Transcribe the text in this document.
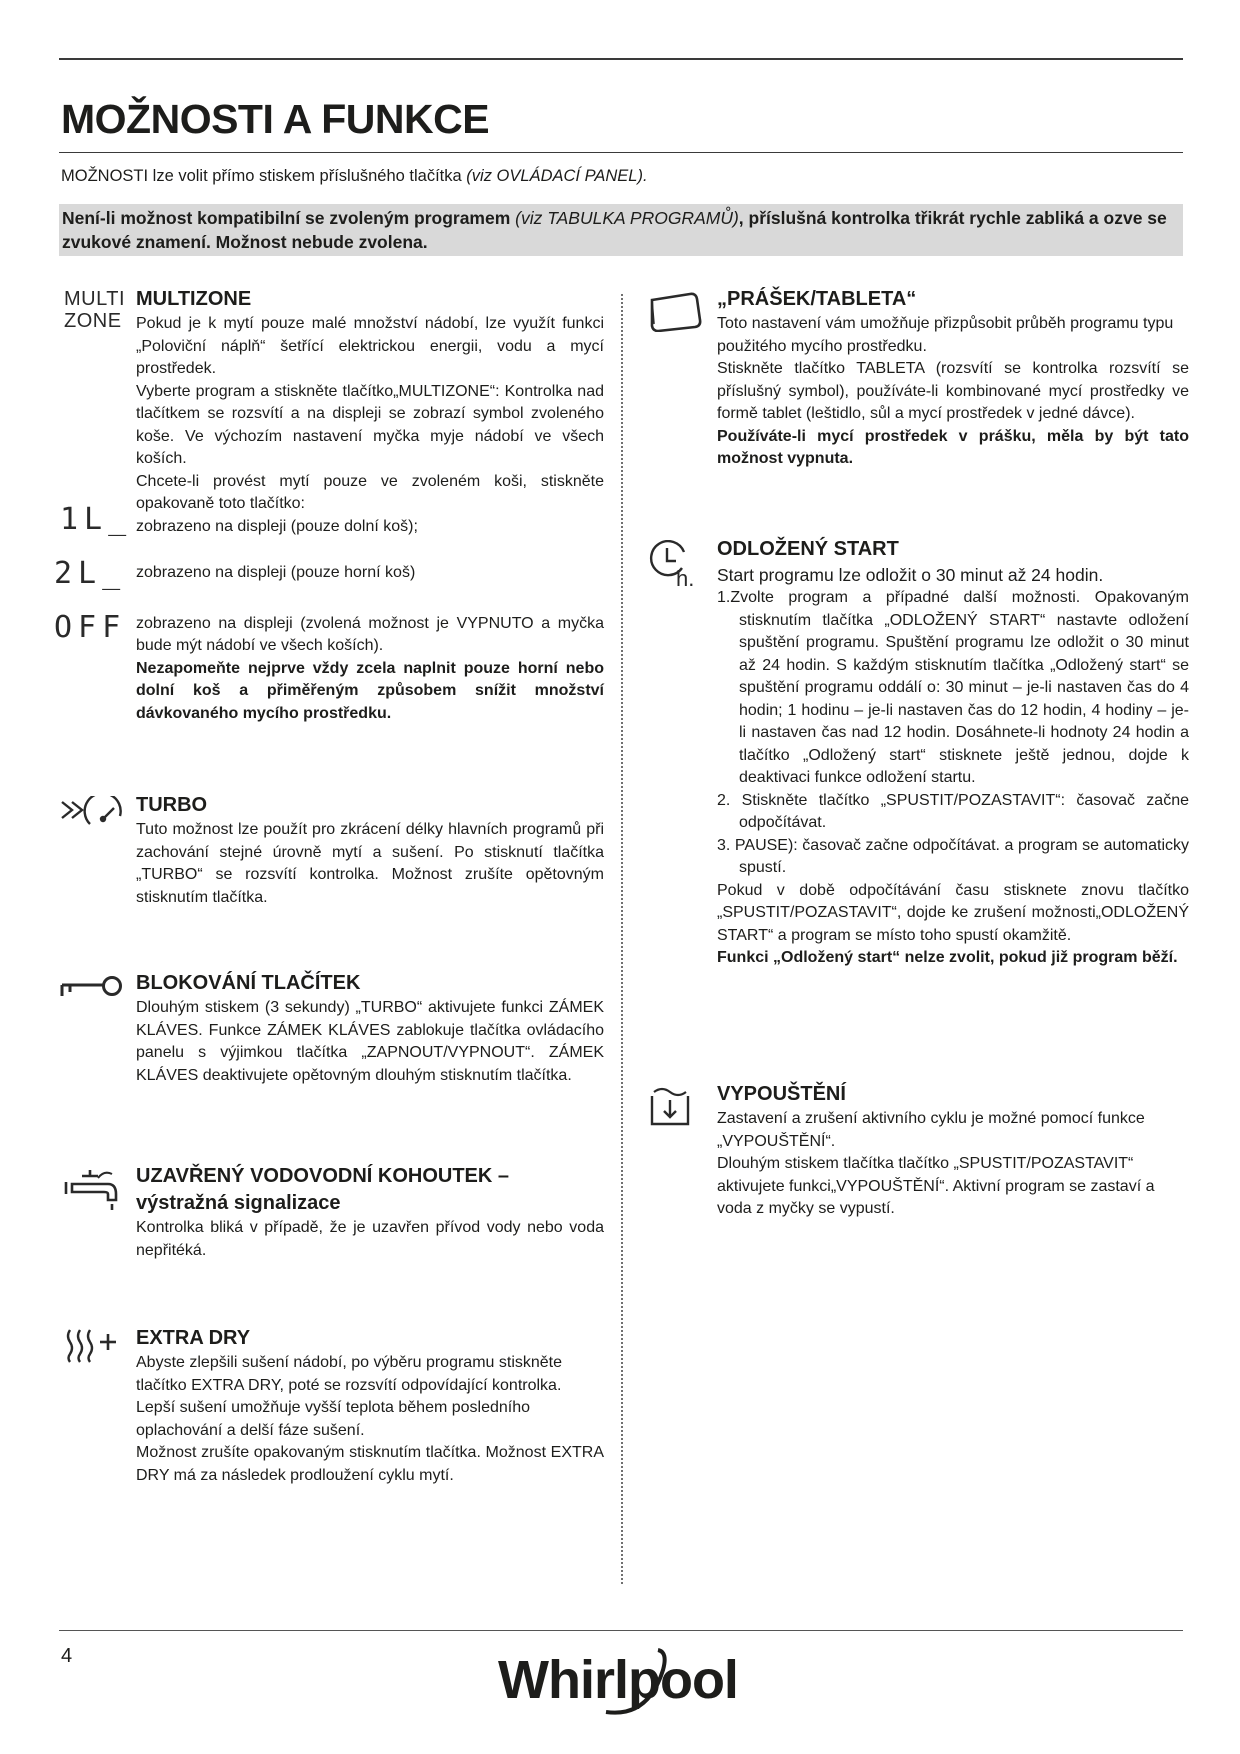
MOŽNOSTI A FUNKCE
MOŽNOSTI lze volit přímo stiskem příslušného tlačítka (viz OVLÁDACÍ PANEL).
Není-li možnost kompatibilní se zvoleným programem (viz TABULKA PROGRAMŮ), příslušná kontrolka třikrát rychle zabliká a ozve se zvukové znamení. Možnost nebude zvolena.
MULTI
ZONE
MULTIZONE

Pokud je k mytí pouze malé množství nádobí, lze využít funkci „Poloviční náplň“ šetřící elektrickou energii, vodu a mycí prostředek.

Vyberte program a stiskněte tlačítko„MULTIZONE“: Kontrolka nad tlačítkem se rozsvítí a na displeji se zobrazí symbol zvoleného koše. Ve výchozím nastavení myčka myje nádobí ve všech koších.

Chcete-li provést mytí pouze ve zvoleném koši, stiskněte opakovaně toto tlačítko:

zobrazeno na displeji (pouze dolní koš);

zobrazeno na displeji (pouze horní koš)

zobrazeno na displeji (zvolená možnost je VYPNUTO a myčka bude mýt nádobí ve všech koších).

Nezapomeňte nejprve vždy zcela naplnit pouze horní nebo dolní koš a přiměřeným způsobem snížit množství dávkovaného mycího prostředku.

1L_
2L_
OFF
TURBO
Tuto možnost lze použít pro zkrácení délky hlavních programů při zachování stejné úrovně mytí a sušení. Po stisknutí tlačítka „TURBO“ se rozsvítí kontrolka. Možnost zrušíte opětovným stisknutím tlačítka.
BLOKOVÁNÍ TLAČÍTEK
Dlouhým stiskem (3 sekundy) „TURBO“ aktivujete funkci ZÁMEK KLÁVES. Funkce ZÁMEK KLÁVES zablokuje tlačítka ovládacího panelu s výjimkou tlačítka „ZAPNOUT/VYPNOUT“. ZÁMEK KLÁVES deaktivujete opětovným dlouhým stisknutím tlačítka.
UZAVŘENÝ VODOVODNÍ KOHOUTEK –
výstražná signalizace
Kontrolka bliká v případě, že je uzavřen přívod vody nebo voda nepřitéká.
EXTRA DRY

Abyste zlepšili sušení nádobí, po výběru programu stiskněte tlačítko EXTRA DRY, poté se rozsvítí odpovídající kontrolka. Lepší sušení umožňuje vyšší teplota během posledního oplachování a delší fáze sušení.

Možnost zrušíte opakovaným stisknutím tlačítka. Možnost EXTRA DRY má za následek prodloužení cyklu mytí.

„PRÁŠEK/TABLETA“

Toto nastavení vám umožňuje přizpůsobit průběh programu typu použitého mycího prostředku.

Stiskněte tlačítko TABLETA (rozsvítí se kontrolka rozsvítí se příslušný symbol), používáte-li kombinované mycí prostředky ve formě tablet (leštidlo, sůl a mycí prostředek v jedné dávce).

Používáte-li mycí prostředek v prášku, měla by být tato možnost vypnuta.

h.
ODLOŽENÝ START
Start programu lze odložit o 30 minut až 24 hodin.
1.Zvolte program a případné další možnosti. Opakovaným stisknutím tlačítka „ODLOŽENÝ START“ nastavte odložení spuštění programu. Spuštění programu lze odložit o 30 minut až 24 hodin. S každým stisknutím tlačítka „Odložený start“ se spuštění programu oddálí o: 30 minut – je-li nastaven čas do 4 hodin; 1 hodinu – je-li nastaven čas do 12 hodin, 4 hodiny – je-li nastaven čas nad 12 hodin. Dosáhnete-li hodnoty 24 hodin a tlačítko „Odložený start“ stisknete ještě jednou, dojde k deaktivaci funkce odložení startu.
2. Stiskněte tlačítko „SPUSTIT/POZASTAVIT“: časovač začne odpočítávat.
3. PAUSE): časovač začne odpočítávat. a program se automaticky spustí.
Pokud v době odpočítávání času stisknete znovu tlačítko „SPUSTIT/POZASTAVIT“, dojde ke zrušení možnosti„ODLOŽENÝ START“ a program se místo toho spustí okamžitě.
Funkci „Odložený start“ nelze zvolit, pokud již program běží.
VYPOUŠTĚNÍ

Zastavení a zrušení aktivního cyklu je možné pomocí funkce „VYPOUŠTĚNÍ“.

Dlouhým stiskem tlačítka tlačítko „SPUSTIT/POZASTAVIT“ aktivujete funkci„VYPOUŠTĚNÍ“. Aktivní program se zastaví a voda z myčky se vypustí.

4	Whirlpool
